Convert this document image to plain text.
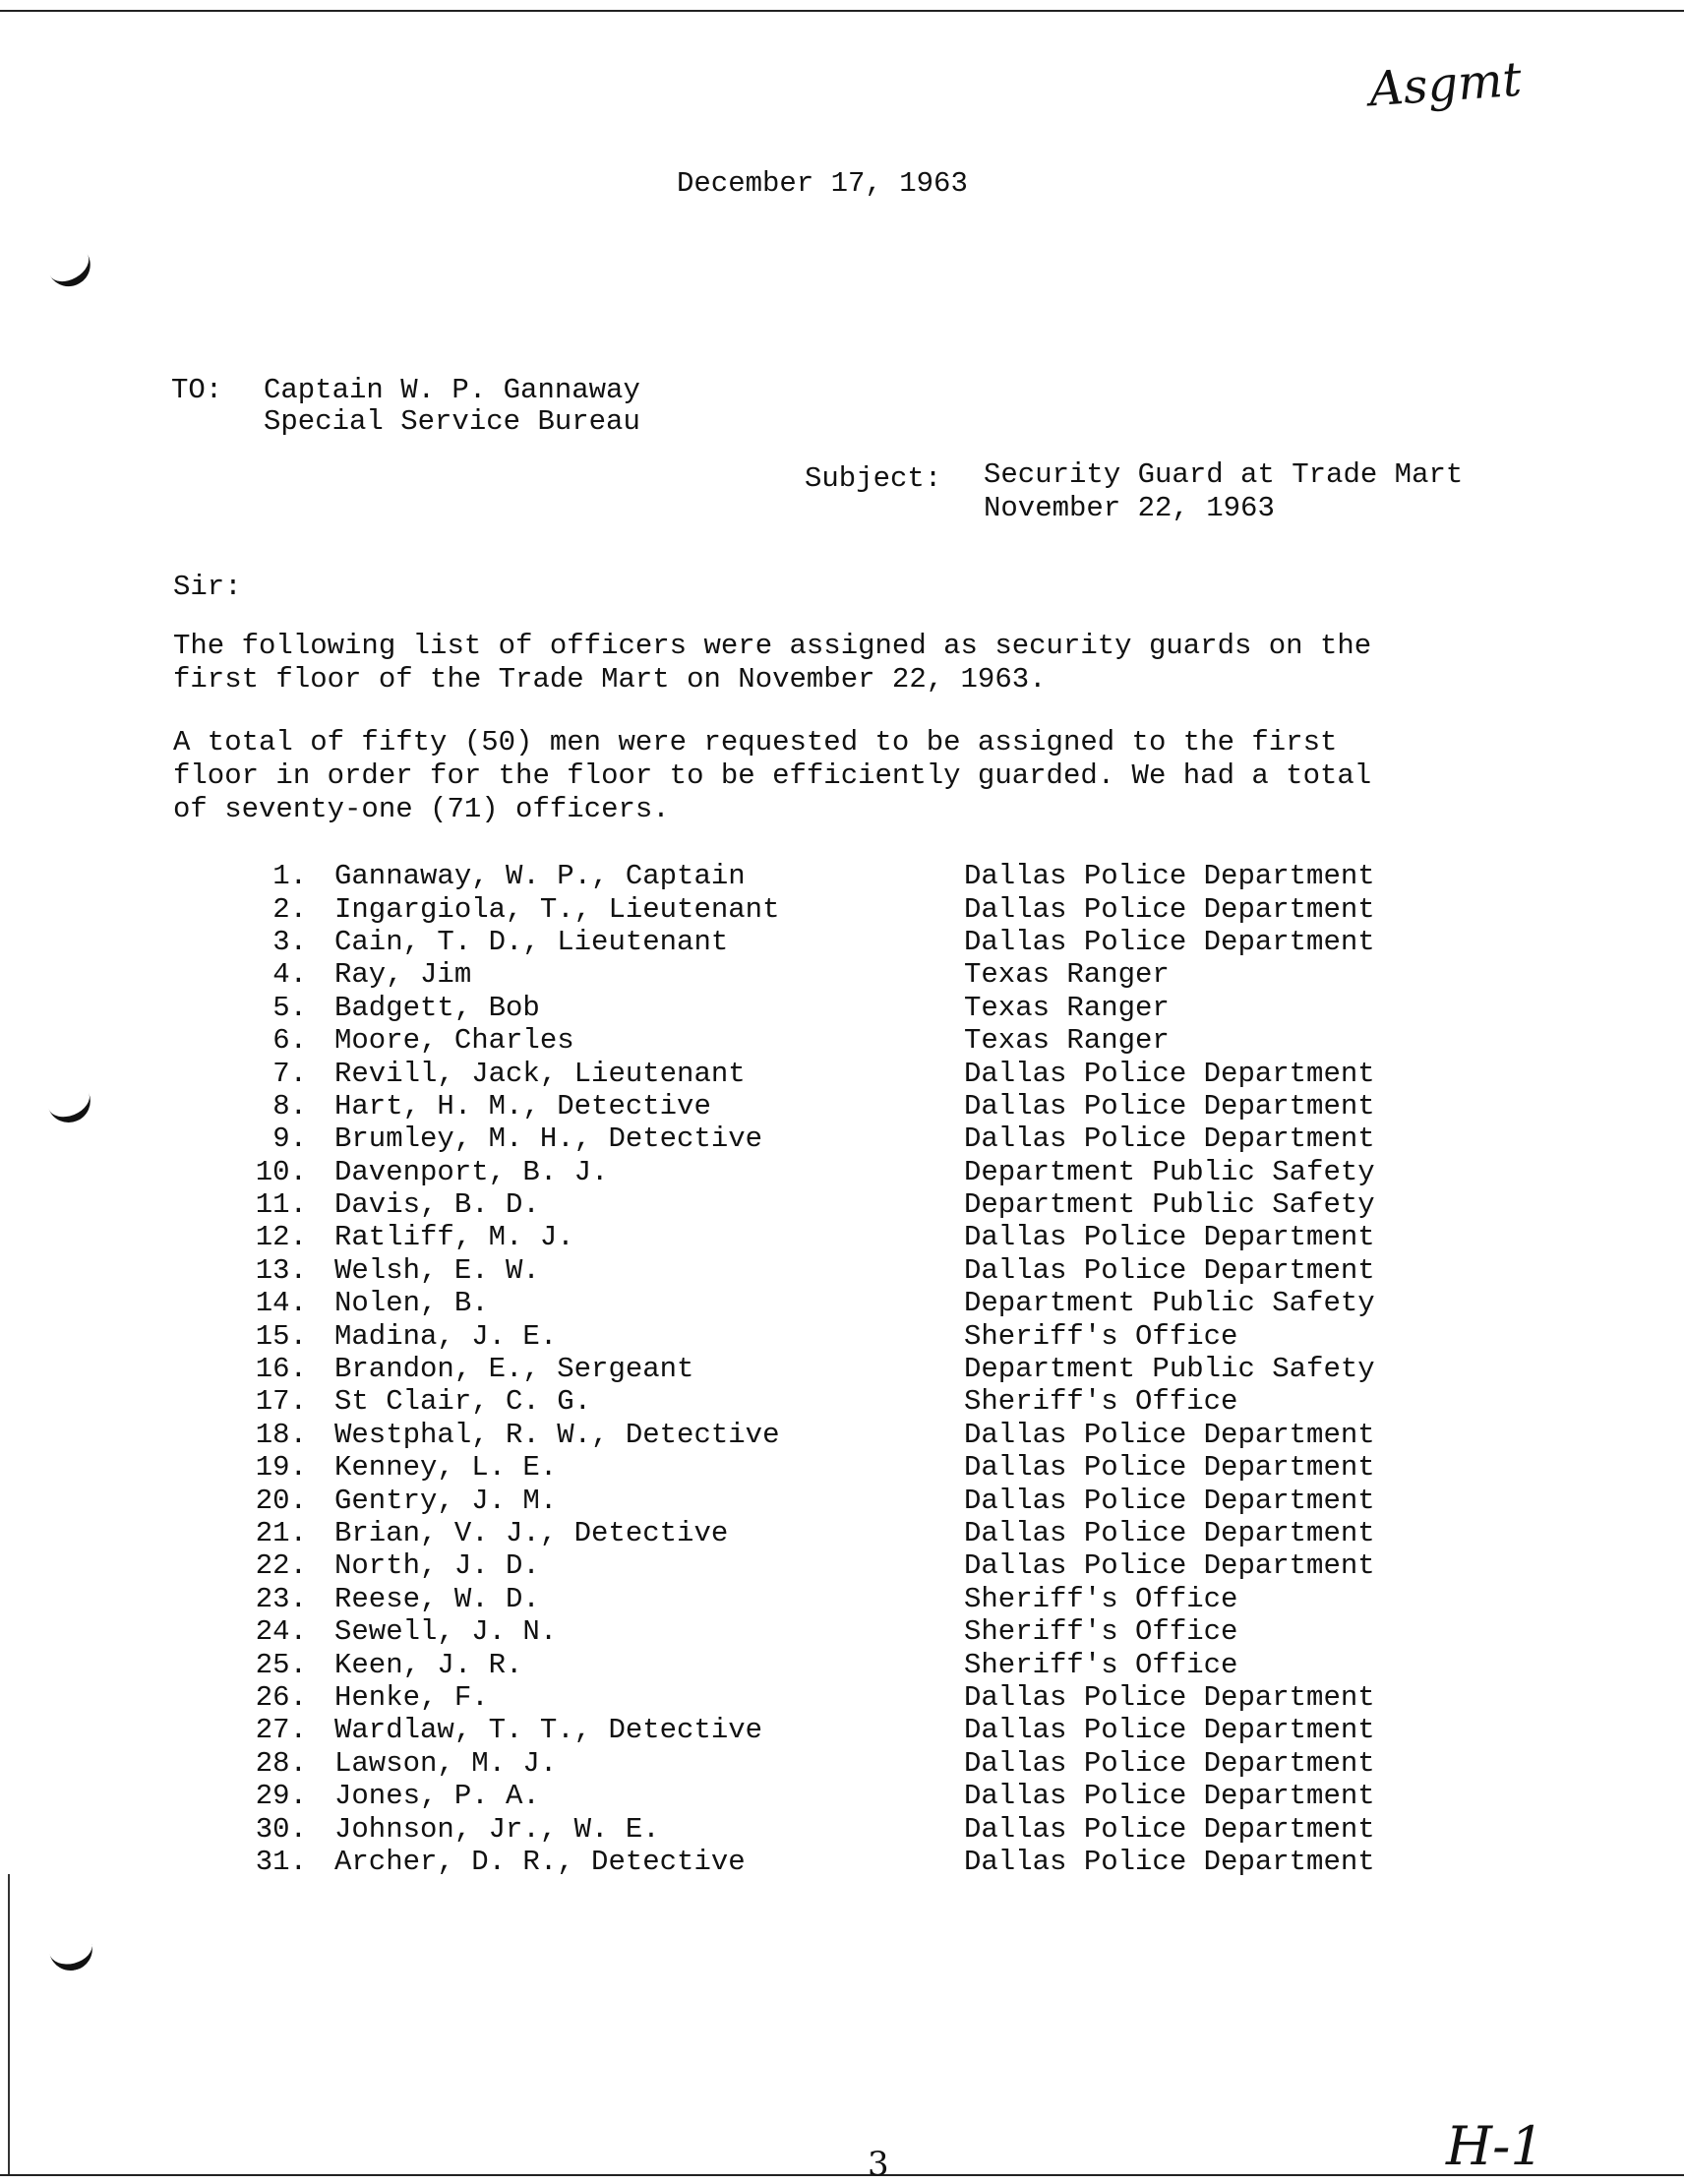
Asgmt
December 17, 1963
TO: Captain W. P. Gannaway
Special Service Bureau
Subject: Security Guard at Trade Mart
November 22, 1963
Sir:
The following list of officers were assigned as security guards on the
first floor of the Trade Mart on November 22, 1963.
A total of fifty (50) men were requested to be assigned to the first
floor in order for the floor to be efficiently guarded. We had a total
of seventy-one (71) officers.
1. Gannaway, W. P., Captain	Dallas Police Department
2. Ingargiola, T., Lieutenant	Dallas Police Department
3. Cain, T. D., Lieutenant	Dallas Police Department
4. Ray, Jim	Texas Ranger
5. Badgett, Bob	Texas Ranger
6. Moore, Charles	Texas Ranger
7. Revill, Jack, Lieutenant	Dallas Police Department
8. Hart, H. M., Detective	Dallas Police Department
9. Brumley, M. H., Detective	Dallas Police Department
10. Davenport, B. J.	Department Public Safety
11. Davis, B. D.	Department Public Safety
12. Ratliff, M. J.	Dallas Police Department
13. Welsh, E. W.	Dallas Police Department
14. Nolen, B.	Department Public Safety
15. Madina, J. E.	Sheriff's Office
16. Brandon, E., Sergeant	Department Public Safety
17. St Clair, C. G.	Sheriff's Office
18. Westphal, R. W., Detective	Dallas Police Department
19. Kenney, L. E.	Dallas Police Department
20. Gentry, J. M.	Dallas Police Department
21. Brian, V. J., Detective	Dallas Police Department
22. North, J. D.	Dallas Police Department
23. Reese, W. D.	Sheriff's Office
24. Sewell, J. N.	Sheriff's Office
25. Keen, J. R.	Sheriff's Office
26. Henke, F.	Dallas Police Department
27. Wardlaw, T. T., Detective	Dallas Police Department
28. Lawson, M. J.	Dallas Police Department
29. Jones, P. A.	Dallas Police Department
30. Johnson, Jr., W. E.	Dallas Police Department
31. Archer, D. R., Detective	Dallas Police Department
3	H-1
